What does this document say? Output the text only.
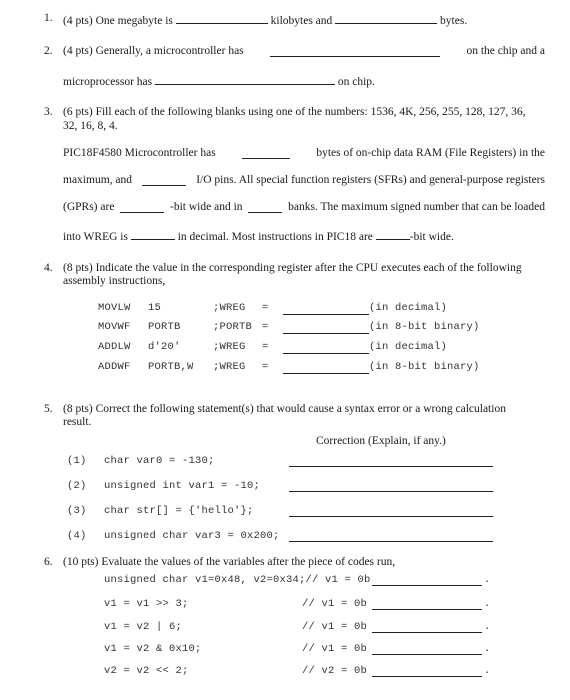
1. (4 pts) One megabyte is	kilobytes and	bytes.
2. (4 pts) Generally, a microcontroller has	on the chip and a
microprocessor has	on chip.
3. (6 pts) Fill each of the following blanks using one of the numbers: 1536, 4K, 256, 255, 128, 127, 36,
32, 16, 8, 4.
PIC18F4580 Microcontroller has	bytes of on-chip data RAM (File Registers) in the
maximum, and	I/O pins. All special function registers (SFRs) and general-purpose registers
(GPRs) are	-bit wide and in	banks. The maximum signed number that can be loaded
into WREG is	in decimal. Most instructions in PIC18 are	-bit wide.
4. (8 pts) Indicate the value in the corresponding register after the CPU executes each of the following
assembly instructions,
MOVLW 15	;WREG =	(in decimal)
MOVWF PORTB	;PORTB =	(in 8-bit binary)
ADDLW d'20'	;WREG =	(in decimal)
ADDWF PORTB,W ;WREG =	(in 8-bit binary)
5. (8 pts) Correct the following statement(s) that would cause a syntax error or a wrong calculation
result.
Correction (Explain, if any.)
(1) char var0 = -130;
(2) unsigned int var1 = -10;
(3) char str[] = {'hello'};
(4) unsigned char var3 = 0x200;
6. (10 pts) Evaluate the values of the variables after the piece of codes run,
unsigned char v1=0x48, v2=0x34;// v1 = 0b	.
v1 = v1 >> 3;	// v1 = 0b	.
v1 = v2 | 6;	// v1 = 0b	.
v1 = v2 & 0x10;	// v1 = 0b	.
v2 = v2 << 2;	// v2 = 0b	.
